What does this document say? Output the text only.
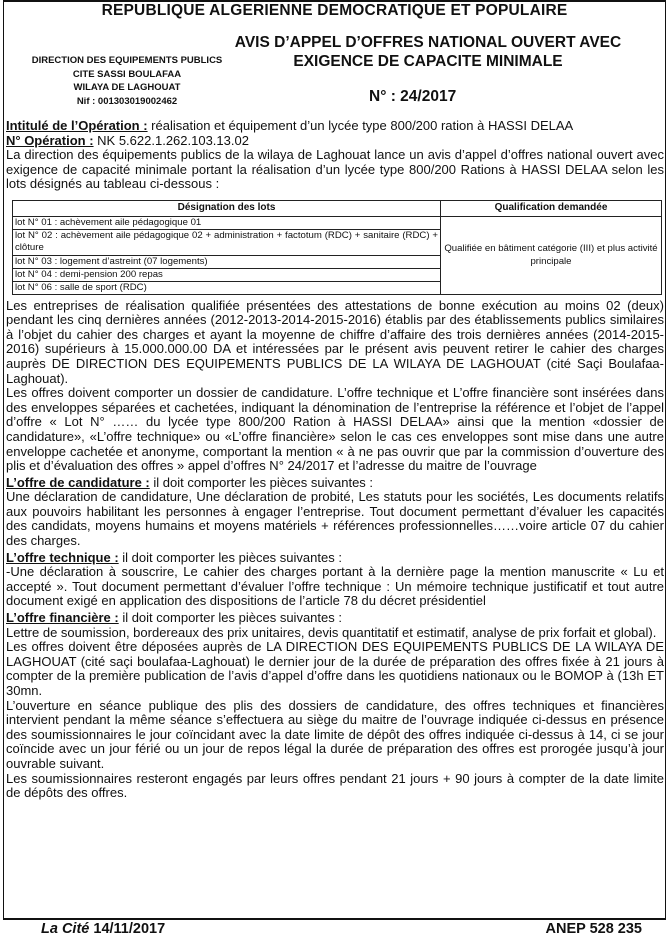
REPUBLIQUE ALGERIENNE DEMOCRATIQUE ET POPULAIRE
DIRECTION DES EQUIPEMENTS PUBLICS
CITE SASSI BOULAFAA
WILAYA DE LAGHOUAT
Nif : 00130301900​2462
AVIS D’APPEL D’OFFRES NATIONAL OUVERT AVEC
EXIGENCE DE CAPACITE MINIMALE
N° : 24/2017

Intitulé de l’Opération : réalisation et équipement d’un lycée type 800/200 ration à HASSI DELAA

N° Opération : NK 5.622.1.262.103.13.02

La direction des équipements publics de la wilaya de Laghouat lance un avis d’appel d’offres national ouvert avec exigence de capacité minimale portant la réalisation d’un lycée type 800/200 Rations à HASSI DELAA selon les lots désignés au tableau ci-dessous :

Désignation des lots	Qualification demandée
lot N° 01 : achèvement aile pédagogique 01	Qualifiée en bâtiment catégorie (III) et plus activité principale
lot N° 02 : achèvement aile pédagogique 02 + administration + factotum (RDC) + sanitaire (RDC) + clôture	
lot N° 03 : logement d’astreint (07 logements)	
lot N° 04 : demi-pension 200 repas	
lot N° 06 : salle de sport (RDC)	

Les entreprises de réalisation qualifiée présentées des attestations de bonne exécution au moins 02 (deux) pendant les cinq dernières années (2012-2013-2014-2015-2016) établis par des établissements publics similaires à l’objet du cahier des charges et ayant la moyenne de chiffre d’affaire des trois dernières années (2014-2015-2016) supérieurs à 15.000.000.00 DA et intéressées par le présent avis peuvent retirer le cahier des charges auprès DE DIRECTION DES EQUIPEMENTS PUBLICS DE LA WILAYA DE LAGHOUAT (cité Saçi Boulafaa-Laghouat).

Les offres doivent comporter un dossier de candidature. L’offre technique et L’offre financière sont insérées dans des enveloppes séparées et cachetées, indiquant la dénomination de l’entreprise la référence et l’objet de l’appel d’offre « Lot N° …… du lycée type 800/200 Ration à HASSI DELAA» ainsi que la mention «dossier de candidature», «L’offre technique» ou «L’offre financière» selon le cas ces enveloppes sont mise dans une autre enveloppe cachetée et anonyme, comportant la mention « à ne pas ouvrir que par la commission d’ouverture des plis et d’évaluation des offres » appel d’offres N° 24/2017 et l’adresse du maitre de l’ouvrage

L’offre de candidature : il doit comporter les pièces suivantes :

Une déclaration de candidature, Une déclaration de probité, Les statuts pour les sociétés, Les documents relatifs aux pouvoirs habilitant les personnes à engager l’entreprise. Tout document permettant d’évaluer les capacités des candidats, moyens humains et moyens matériels + références professionnelles……voire article 07 du cahier des charges.

L’offre technique : il doit comporter les pièces suivantes :

-Une déclaration à souscrire, Le cahier des charges portant à la dernière page la mention manuscrite « Lu et accepté ». Tout document permettant d’évaluer l’offre technique : Un mémoire technique justificatif et tout autre document exigé en application des dispositions de l’article 78 du décret présidentiel

L’offre financière : il doit comporter les pièces suivantes :

Lettre de soumission, bordereaux des prix unitaires, devis quantitatif et estimatif, analyse de prix forfait et global).

Les offres doivent être déposées auprès de LA DIRECTION DES EQUIPEMENTS PUBLICS DE LA WILAYA DE LAGHOUAT (cité saçi boulafaa-Laghouat) le dernier jour de la durée de préparation des offres fixée à 21 jours à compter de la première publication de l’avis d’appel d’offre dans les quotidiens nationaux ou le BOMOP à (13h ET 30mn.

L’ouverture en séance publique des plis des dossiers de candidature, des offres techniques et financières intervient pendant la même séance s’effectuera au siège du maitre de l’ouvrage indiquée ci-dessus en présence des soumissionnaires le jour coïncidant avec la date limite de dépôt des offres indiquée ci-dessus à 14, ci se jour coïncide avec un jour férié ou un jour de repos légal la durée de préparation des offres est prorogée jusqu’à jour ouvrable suivant.

Les soumissionnaires resteront engagés par leurs offres pendant 21 jours + 90 jours à compter de la date limite de dépôts des offres.

La Cité 14/11/2017	ANEP 528 235
